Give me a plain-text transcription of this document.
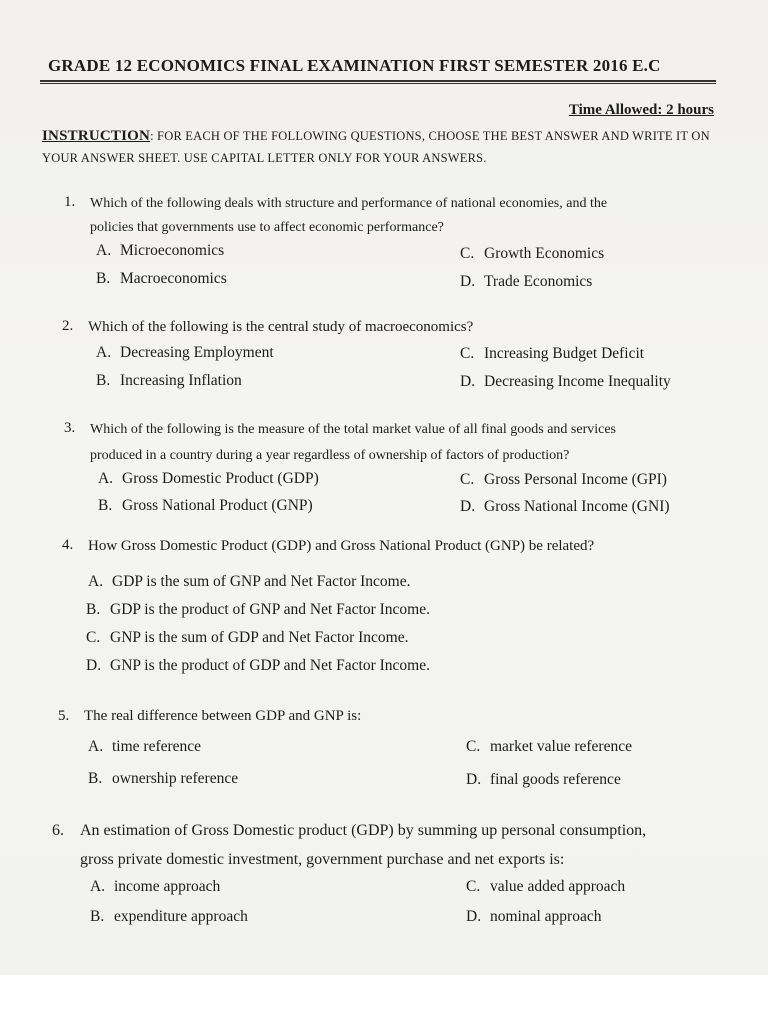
GRADE 12 ECONOMICS FINAL EXAMINATION FIRST SEMESTER 2016 E.C
Time Allowed: 2 hours
INSTRUCTION: FOR EACH OF THE FOLLOWING QUESTIONS, CHOOSE THE BEST ANSWER AND WRITE IT ON YOUR ANSWER SHEET. USE CAPITAL LETTER ONLY FOR YOUR ANSWERS.
1. Which of the following deals with structure and performance of national economies, and the
policies that governments use to affect economic performance?
A. Microeconomics
B. Macroeconomics
C. Growth Economics
D. Trade Economics
2. Which of the following is the central study of macroeconomics?
A. Decreasing Employment
B. Increasing Inflation
C. Increasing Budget Deficit
D. Decreasing Income Inequality
3. Which of the following is the measure of the total market value of all final goods and services
produced in a country during a year regardless of ownership of factors of production?
A. Gross Domestic Product (GDP)
B. Gross National Product (GNP)
C. Gross Personal Income (GPI)
D. Gross National Income (GNI)
4. How Gross Domestic Product (GDP) and Gross National Product (GNP) be related?
A. GDP is the sum of GNP and Net Factor Income.
B. GDP is the product of GNP and Net Factor Income.
C. GNP is the sum of GDP and Net Factor Income.
D. GNP is the product of GDP and Net Factor Income.
5. The real difference between GDP and GNP is:
A. time reference
B. ownership reference
C. market value reference
D. final goods reference
6. An estimation of Gross Domestic product (GDP) by summing up personal consumption,
gross private domestic investment, government purchase and net exports is:
A. income approach
B. expenditure approach
C. value added approach
D. nominal approach
